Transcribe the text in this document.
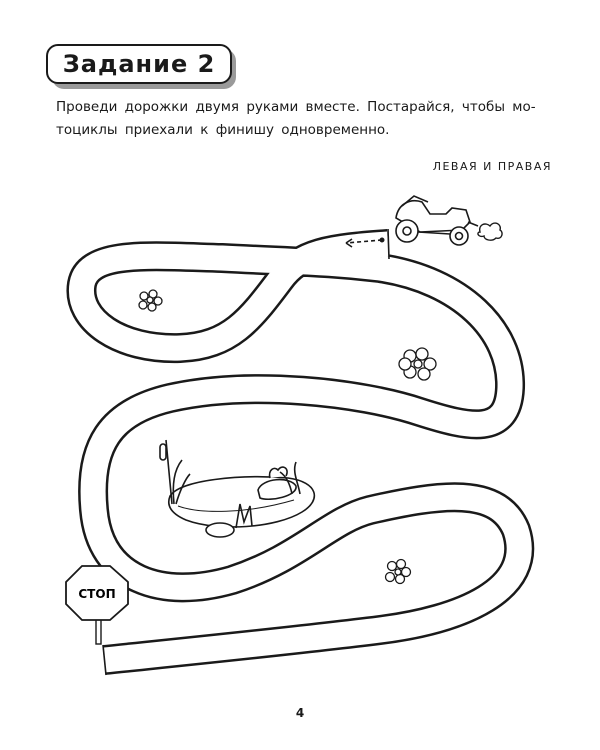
Задание 2
Проведи дорожки двумя руками вместе. Постарайся, чтобы мо-
тоциклы приехали к финишу одновременно.
ЛЕВАЯ И ПРАВАЯ
СТОП
4
